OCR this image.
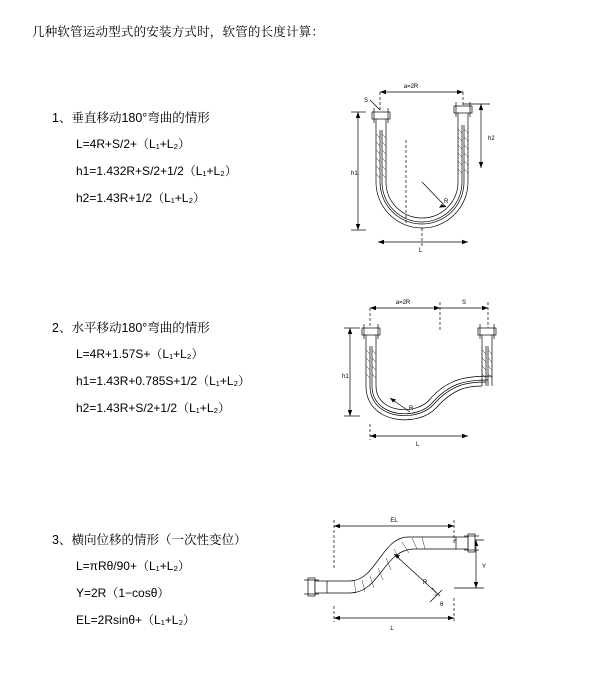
几种软管运动型式的安装方式时，软管的长度计算：
1、垂直移动180°弯曲的情形
L=4R+S/2+（L₁+L₂）
h1=1.432R+S/2+1/2（L₁+L₂）
h2=1.43R+1/2（L₁+L₂）
a=2R
h2
h1
R
L
S
2、水平移动180°弯曲的情形
L=4R+1.57S+（L₁+L₂）
h1=1.43R+0.785S+1/2（L₁+L₂）
h2=1.43R+S/2+1/2（L₁+L₂）
a=2R	S
h1
R
L
3、横向位移的情形（一次性变位）
L=πRθ/90+（L₁+L₂）
Y=2R（1−cosθ）
EL=2Rsinθ+（L₁+L₂）
EL
Y
R
θ
L
